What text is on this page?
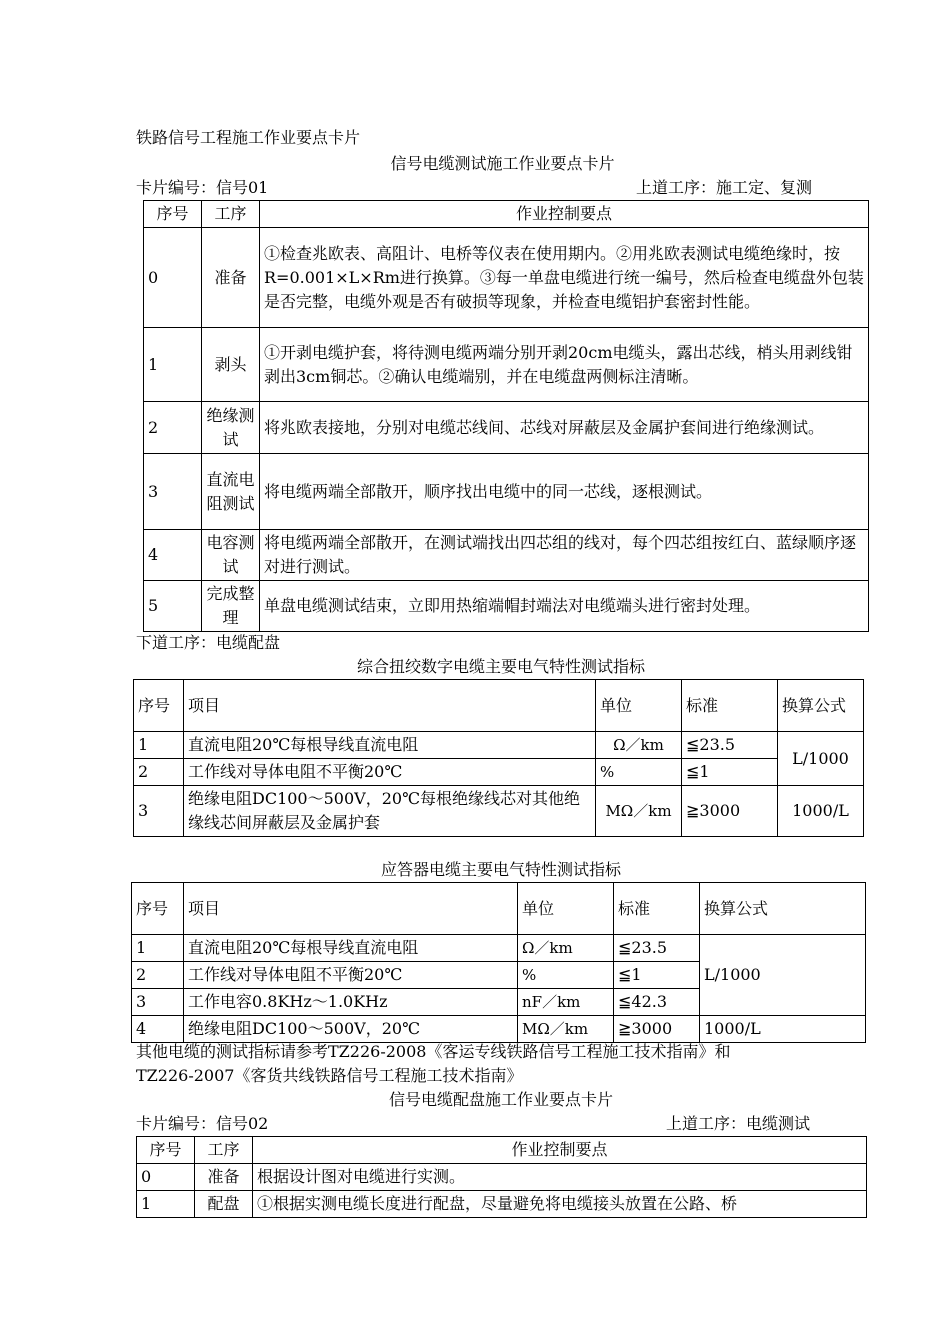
铁路信号工程施工作业要点卡片
信号电缆测试施工作业要点卡片
卡片编号：信号01	上道工序：施工定、复测
序号	工序	作业控制要点
0	准备	①检查兆欧表、高阻计、电桥等仪表在使用期内。②用兆欧表测试电缆绝缘时，按R=0.001×L×Rm进行换算。③每一单盘电缆进行统一编号，然后检查电缆盘外包装是否完整，电缆外观是否有破损等现象，并检查电缆铝护套密封性能。
1	剥头	①开剥电缆护套，将待测电缆两端分别开剥20cm电缆头，露出芯线，梢头用剥线钳剥出3cm铜芯。②确认电缆端别，并在电缆盘两侧标注清晰。
2	绝缘测试	将兆欧表接地，分别对电缆芯线间、芯线对屏蔽层及金属护套间进行绝缘测试。
3	直流电阻测试	将电缆两端全部散开，顺序找出电缆中的同一芯线，逐根测试。
4	电容测试	将电缆两端全部散开，在测试端找出四芯组的线对，每个四芯组按红白、蓝绿顺序逐对进行测试。
5	完成整理	单盘电缆测试结束，立即用热缩端帽封端法对电缆端头进行密封处理。
下道工序：电缆配盘
综合扭绞数字电缆主要电气特性测试指标
序号	项目	单位	标准	换算公式
1	直流电阻20℃每根导线直流电阻	Ω／km	≦23.5	L/1000
2	工作线对导体电阻不平衡20℃	%	≦1	
3	绝缘电阻DC100～500V，20℃每根绝缘线芯对其他绝缘线芯间屏蔽层及金属护套	MΩ／km	≧3000	1000/L
应答器电缆主要电气特性测试指标
序号	项目	单位	标准	换算公式
1	直流电阻20℃每根导线直流电阻	Ω／km	≦23.5	L/1000
2	工作线对导体电阻不平衡20℃	%	≦1	
3	工作电容0.8KHz～1.0KHz	nF／km	≦42.3	
4	绝缘电阻DC100～500V，20℃	MΩ／km	≧3000	1000/L
其他电缆的测试指标请参考TZ226-2008《客运专线铁路信号工程施工技术指南》和
TZ226-2007《客货共线铁路信号工程施工技术指南》
信号电缆配盘施工作业要点卡片
卡片编号：信号02	上道工序：电缆测试
序号	工序	作业控制要点
0	准备	根据设计图对电缆进行实测。
1	配盘	①根据实测电缆长度进行配盘，尽量避免将电缆接头放置在公路、桥
